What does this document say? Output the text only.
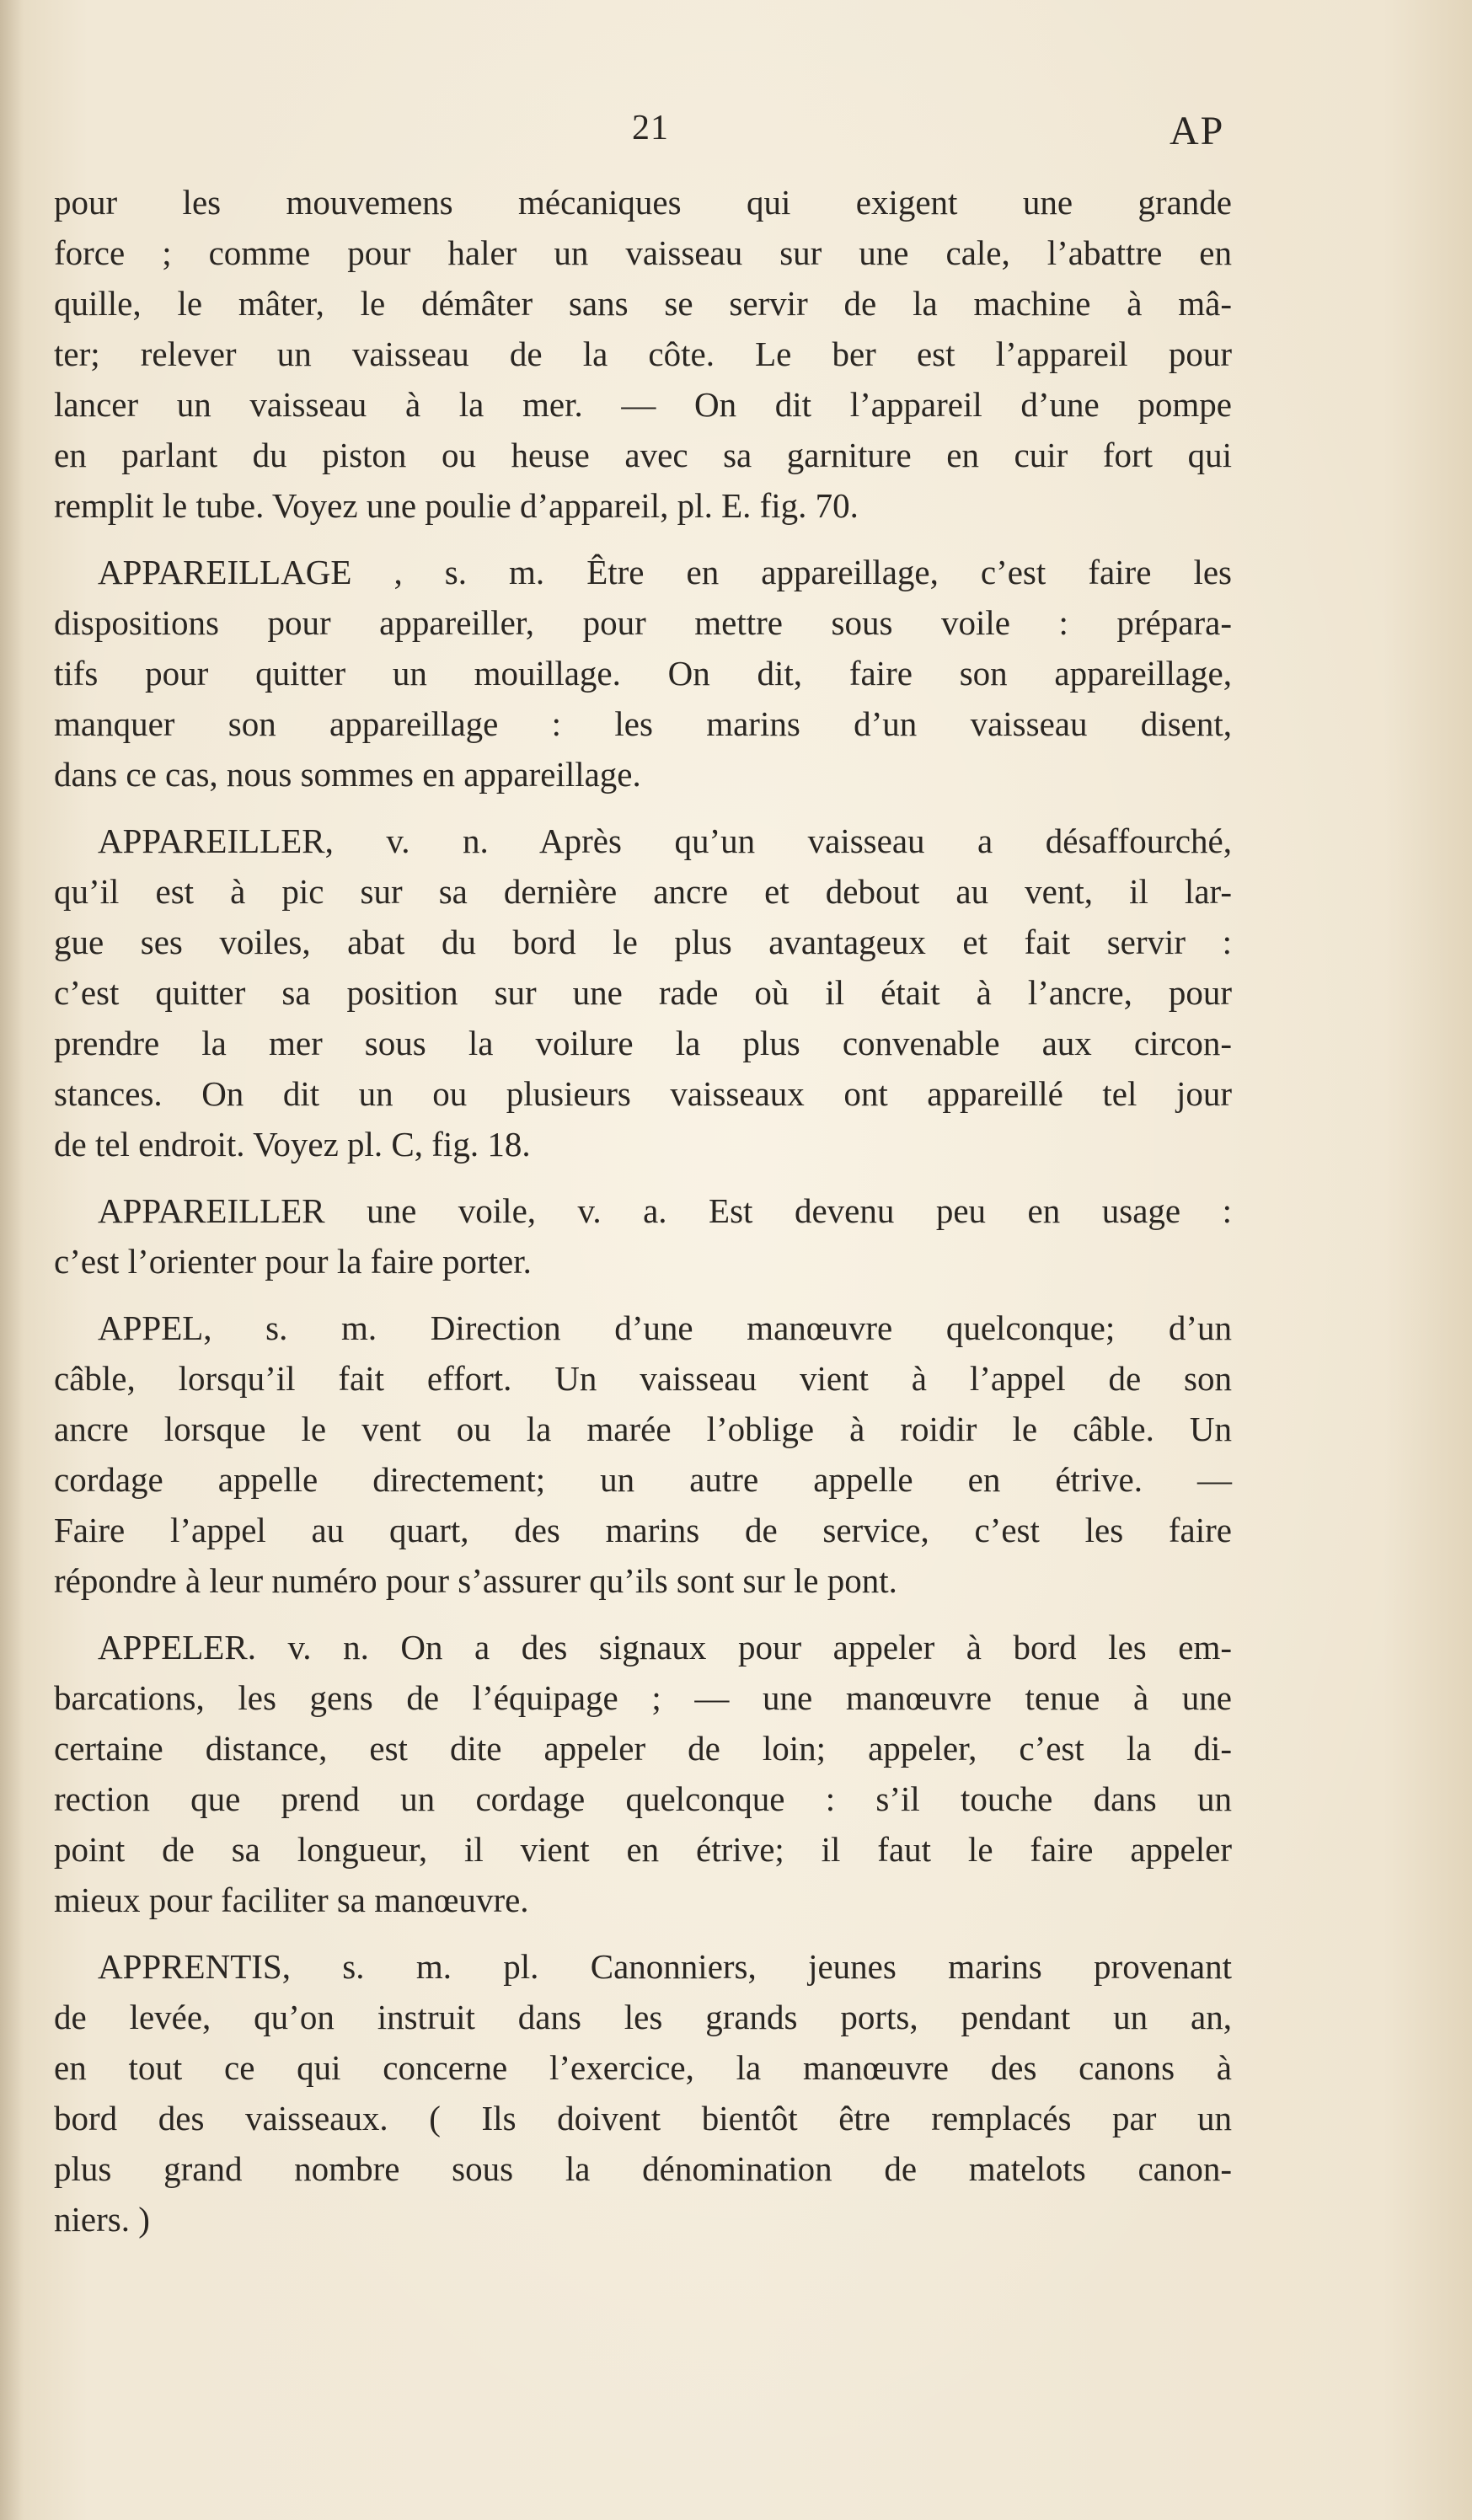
21	AP
pour les mouvemens mécaniques qui exigent une grande
force ; comme pour haler un vaisseau sur une cale, l’abattre en
quille, le mâter, le démâter sans se servir de la machine à mâ-
ter; relever un vaisseau de la côte. Le ber est l’appareil pour
lancer un vaisseau à la mer. — On dit l’appareil d’une pompe
en parlant du piston ou heuse avec sa garniture en cuir fort qui
remplit le tube. Voyez une poulie d’appareil, pl. E. fig. 70.
APPAREILLAGE , s. m. Être en appareillage, c’est faire les
dispositions pour appareiller, pour mettre sous voile : prépara-
tifs pour quitter un mouillage. On dit, faire son appareillage,
manquer son appareillage : les marins d’un vaisseau disent,
dans ce cas, nous sommes en appareillage.
APPAREILLER, v. n. Après qu’un vaisseau a désaffourché,
qu’il est à pic sur sa dernière ancre et debout au vent, il lar-
gue ses voiles, abat du bord le plus avantageux et fait servir :
c’est quitter sa position sur une rade où il était à l’ancre, pour
prendre la mer sous la voilure la plus convenable aux circon-
stances. On dit un ou plusieurs vaisseaux ont appareillé tel jour
de tel endroit. Voyez pl. C, fig. 18.
APPAREILLER une voile, v. a. Est devenu peu en usage :
c’est l’orienter pour la faire porter.
APPEL, s. m. Direction d’une manœuvre quelconque; d’un
câble, lorsqu’il fait effort. Un vaisseau vient à l’appel de son
ancre lorsque le vent ou la marée l’oblige à roidir le câble. Un
cordage appelle directement; un autre appelle en étrive. —
Faire l’appel au quart, des marins de service, c’est les faire
répondre à leur numéro pour s’assurer qu’ils sont sur le pont.
APPELER. v. n. On a des signaux pour appeler à bord les em-
barcations, les gens de l’équipage ; — une manœuvre tenue à une
certaine distance, est dite appeler de loin; appeler, c’est la di-
rection que prend un cordage quelconque : s’il touche dans un
point de sa longueur, il vient en étrive; il faut le faire appeler
mieux pour faciliter sa manœuvre.
APPRENTIS, s. m. pl. Canonniers, jeunes marins provenant
de levée, qu’on instruit dans les grands ports, pendant un an,
en tout ce qui concerne l’exercice, la manœuvre des canons à
bord des vaisseaux. ( Ils doivent bientôt être remplacés par un
plus grand nombre sous la dénomination de matelots canon-
niers. )
